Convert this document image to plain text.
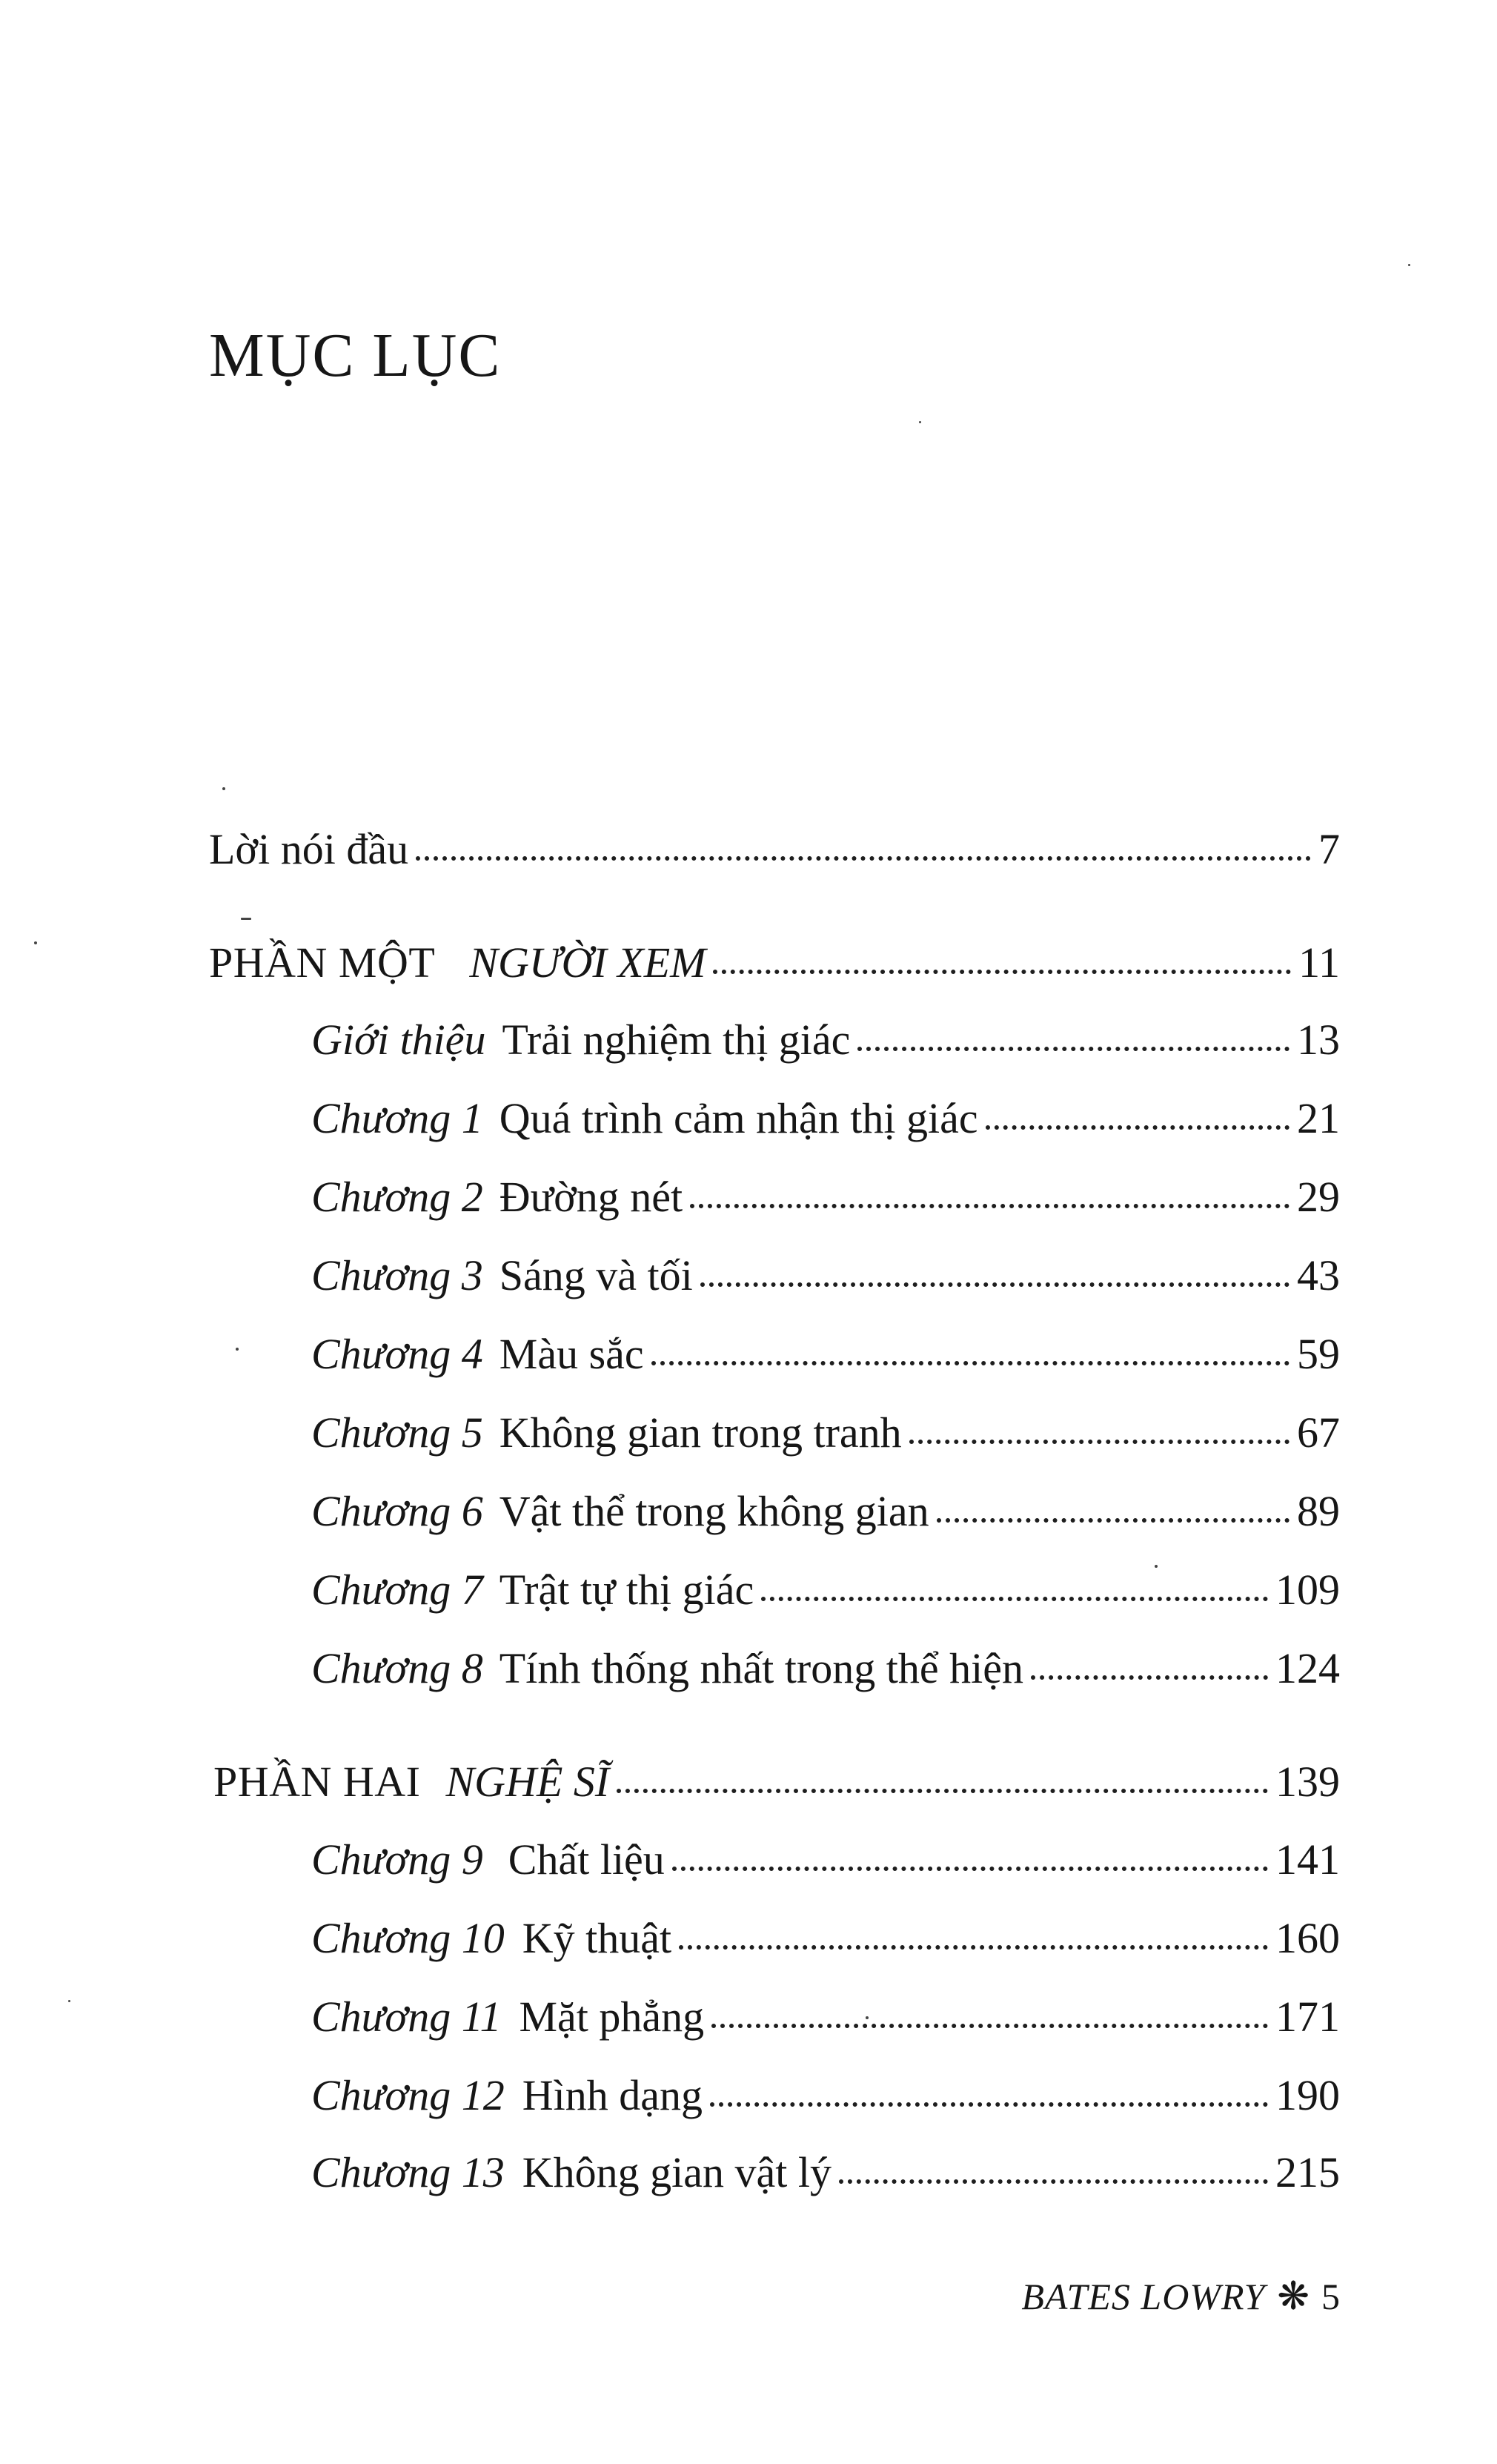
MỤC LỤC
Lời nói đầu	7
PHẦN MỘT NGƯỜI XEM	11
Giới thiệu Trải nghiệm thị giác	13
Chương 1 Quá trình cảm nhận thị giác	21
Chương 2 Đường nét	29
Chương 3 Sáng và tối	43
Chương 4 Màu sắc	59
Chương 5 Không gian trong tranh	67
Chương 6 Vật thể trong không gian	89
Chương 7 Trật tự thị giác	109
Chương 8 Tính thống nhất trong thể hiện	124
PHẦN HAI NGHỆ SĨ	139
Chương 9 Chất liệu	141
Chương 10 Kỹ thuật	160
Chương 11 Mặt phẳng	171
Chương 12 Hình dạng	190
Chương 13 Không gian vật lý	215
BATES LOWRY ❋ 5
